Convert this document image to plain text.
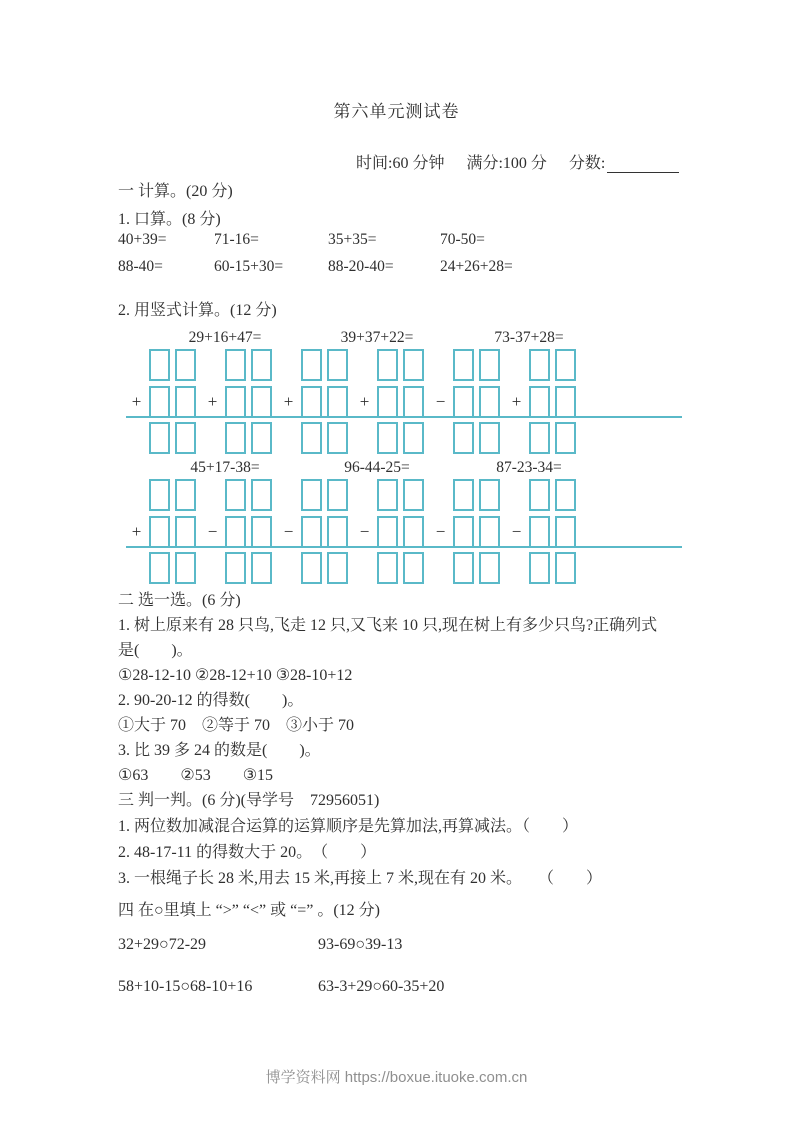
第六单元测试卷
时间:60 分钟 满分:100 分 分数:
一 计算。(20 分)
1. 口算。(8 分)
40+39=	71-16=	35+35=	70-50=
88-40=	60-15+30=	88-20-40=	24+26+28=
2. 用竖式计算。(12 分)
29+16+47=	39+37+22=	73-37+28=
+	+	+	+	−	+
45+17-38=	96-44-25=	87-23-34=
+	−	−	−	−	−
二 选一选。(6 分)
1. 树上原来有 28 只鸟,飞走 12 只,又飞来 10 只,现在树上有多少只鸟?正确列式
是(　　)。
①28-12-10 ②28-12+10 ③28-10+12
2. 90-20-12 的得数(　　)。
①大于 70　②等于 70　③小于 70
3. 比 39 多 24 的数是(　　)。
①63　　②53　　③15
三 判一判。(6 分)(导学号　72956051)
1. 两位数加减混合运算的运算顺序是先算加法,再算减法。（　　）
2. 48-17-11 的得数大于 20。　（　　）
3. 一根绳子长 28 米,用去 15 米,再接上 7 米,现在有 20 米。　　（　　）
四 在○里填上 “>” “<” 或 “=” 。(12 分)
32+29○72-29	93-69○39-13
58+10-15○68-10+16	63-3+29○60-35+20
博学资料网 https://boxue.ituoke.com.cn
